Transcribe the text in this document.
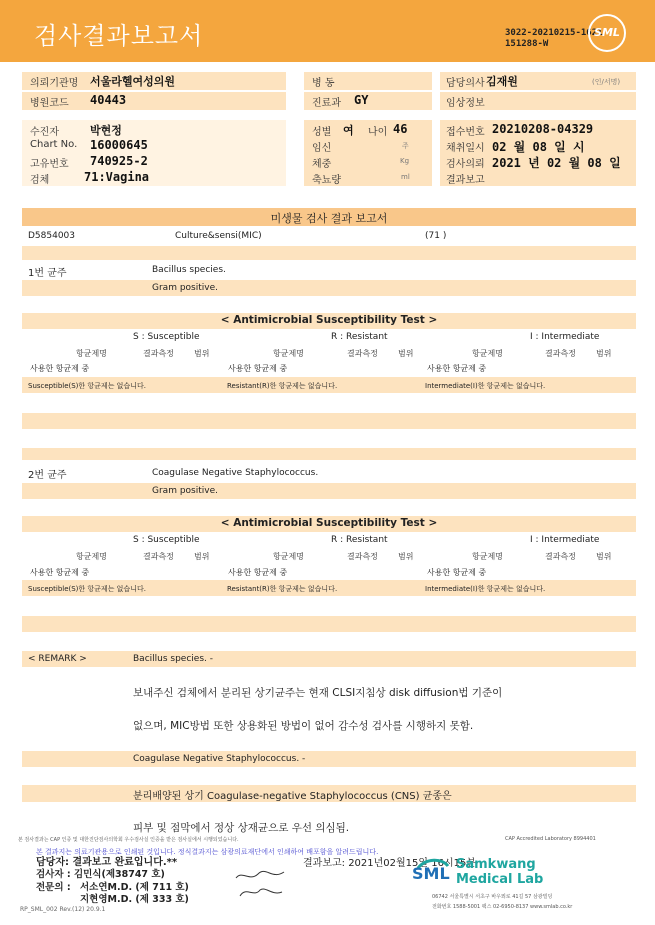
검사결과보고서	3022-20210215-1621
151288-W
SML
의뢰기관명 서울라헬여성의원
병원코드 40443
병 동
진료과 GY
담당의사 김재원	(인/서명)
임상정보
수진자	박현정
Chart No. 16000645
고유번호 740925-2
검체	71:Vagina
성별 여 나이 46
임신	주
체중	Kg
축뇨량	ml
접수번호 20210208-04329
채취일시 02 월 08 일 시
검사의뢰 2021 년 02 월 08 일
결과보고
미생물 검사 결과 보고서
D5854003	Culture&sensi(MIC)	(71 )
1번 균주	Bacillus species.
Gram positive.
< Antimicrobial Susceptibility Test >
S : Susceptible	R : Resistant	I : Intermediate
항균제명	결과측정	범위	항균제명	결과측정	범위	항균제명	결과측정	범위
사용한 항균제 중	사용한 항균제 중	사용한 항균제 중
Susceptible(S)한 항균제는 없습니다.	Resistant(R)한 항균제는 없습니다.	Intermediate(I)한 항균제는 없습니다.
2번 균주	Coagulase Negative Staphylococcus.
Gram positive.
< Antimicrobial Susceptibility Test >
S : Susceptible	R : Resistant	I : Intermediate
항균제명	결과측정	범위	항균제명	결과측정	범위	항균제명	결과측정	범위
사용한 항균제 중	사용한 항균제 중	사용한 항균제 중
Susceptible(S)한 항균제는 없습니다.	Resistant(R)한 항균제는 없습니다.	Intermediate(I)한 항균제는 없습니다.
< REMARK >	Bacillus species. -
보내주신 검체에서 분리된 상기균주는 현재 CLSI지침상 disk diffusion법 기준이
없으며, MIC방법 또한 상용화된 방법이 없어 감수성 검사를 시행하지 못함.
Coagulase Negative Staphylococcus. -
분리배양된 상기 Coagulase-negative Staphylococcus (CNS) 균종은
피부 및 점막에서 정상 상재균으로 우선 의심됨.
본 검사결과는 CAP 인증 및 대한진단검사의학회 우수검사실 인증을 받은 검사실에서 시행되었습니다.	CAP Accredited Laboratory 8994401
본 결과지는 의료기관용으로 인쇄된 것입니다. 정식결과지는 삼광의료재단에서 인쇄하여 배포함을 알려드립니다.
담당자: 결과보고 완료입니다.**	결과보고: 2021년02월15일 16시15분
검사자 : 김민식(제38747 호)
전문의 : 서소연M.D. (제 711 호)
지현영M.D. (제 333 호)
SML Samkwang
Medical Lab
06742 서울특별시 서초구 바우뫼로 41길 57 삼광빌딩
전화번호 1588-5001 팩스 02-6950-8137 www.smlab.co.kr
RP_SML_002 Rev.(12) 20.9.1
